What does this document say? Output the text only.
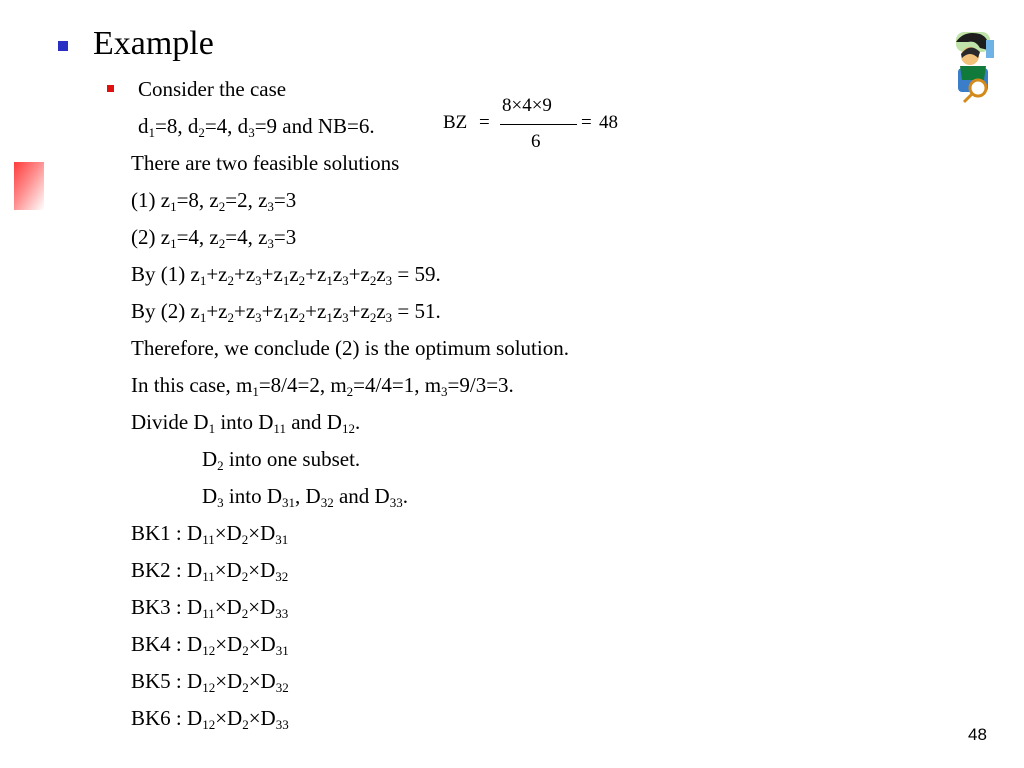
Example
Consider the case
$d_1=8$, $d_2=4$, $d_3=9$ and NB=6.	BZ =
8×4×9
6
= 48
There are two feasible solutions
(1) $z_1=8$, $z_2=2$, $z_3=3$
(2) $z_1=4$, $z_2=4$, $z_3=3$
By (1) $z_1+z_2+z_3+z_1z_2+z_1z_3+z_2z_3 = 59$.
By (2) $z_1+z_2+z_3+z_1z_2+z_1z_3+z_2z_3 = 51$.
Therefore, we conclude (2) is the optimum solution.
In this case, $m_1=8/4=2$, $m_2=4/4=1$, $m_3=9/3=3$.
Divide $D_1$ into $D_{11}$ and $D_{12}$.
$D_2$ into one subset.
$D_3$ into $D_{31}$, $D_{32}$ and $D_{33}$.
BK1 : $D_{11}\times D_2\times D_{31}$
BK2 : $D_{11}\times D_2\times D_{32}$
BK3 : $D_{11}\times D_2\times D_{33}$
BK4 : $D_{12}\times D_2\times D_{31}$
BK5 : $D_{12}\times D_2\times D_{32}$
BK6 : $D_{12}\times D_2\times D_{33}$
48
